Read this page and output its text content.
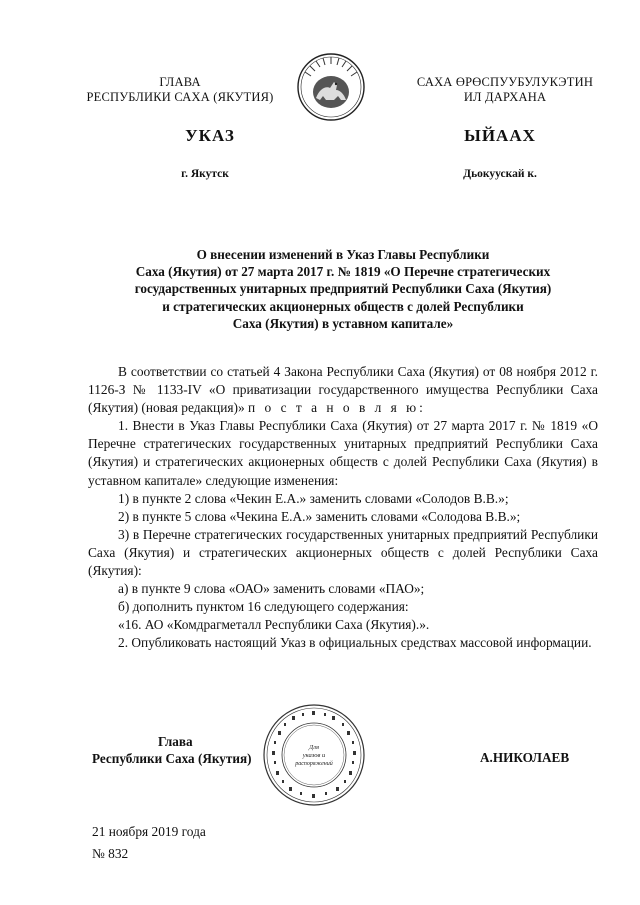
ГЛАВА
РЕСПУБЛИКИ САХА (ЯКУТИЯ)
САХА ӨРӨСПУУБУЛУКЭТИН
ИЛ ДАРХАНА
УКАЗ	ЫЙААХ
г. Якутск	Дьокуускай к.
О внесении изменений в Указ Главы Республики
Саха (Якутия) от 27 марта 2017 г. № 1819 «О Перечне стратегических
государственных унитарных предприятий Республики Саха (Якутия)
и стратегических акционерных обществ с долей Республики
Саха (Якутия) в уставном капитале»

В соответствии со статьей 4 Закона Республики Саха (Якутия) от 08 ноября 2012 г. 1126-З № 1133-IV «О приватизации государственного имущества Республики Саха (Якутия) (новая редакция)» п о с т а н о в л я ю:

1. Внести в Указ Главы Республики Саха (Якутия) от 27 марта 2017 г. № 1819 «О Перечне стратегических государственных унитарных предприятий Республики Саха (Якутия) и стратегических акционерных обществ с долей Республики Саха (Якутия) в уставном капитале» следующие изменения:

1) в пункте 2 слова «Чекин Е.А.» заменить словами «Солодов В.В.»;

2) в пункте 5 слова «Чекина Е.А.» заменить словами «Солодова В.В.»;

3) в Перечне стратегических государственных унитарных предприятий Республики Саха (Якутия) и стратегических акционерных обществ с долей Республики Саха (Якутия):

а) в пункте 9 слова «ОАО» заменить словами «ПАО»;

б) дополнить пунктом 16 следующего содержания:

«16. АО «Комдрагметалл Республики Саха (Якутия).».

2. Опубликовать настоящий Указ в официальных средствах массовой информации.

Для
указов и
распоряжений
Глава
Республики Саха (Якутия)	А.НИКОЛАЕВ
21 ноября 2019 года
№ 832
